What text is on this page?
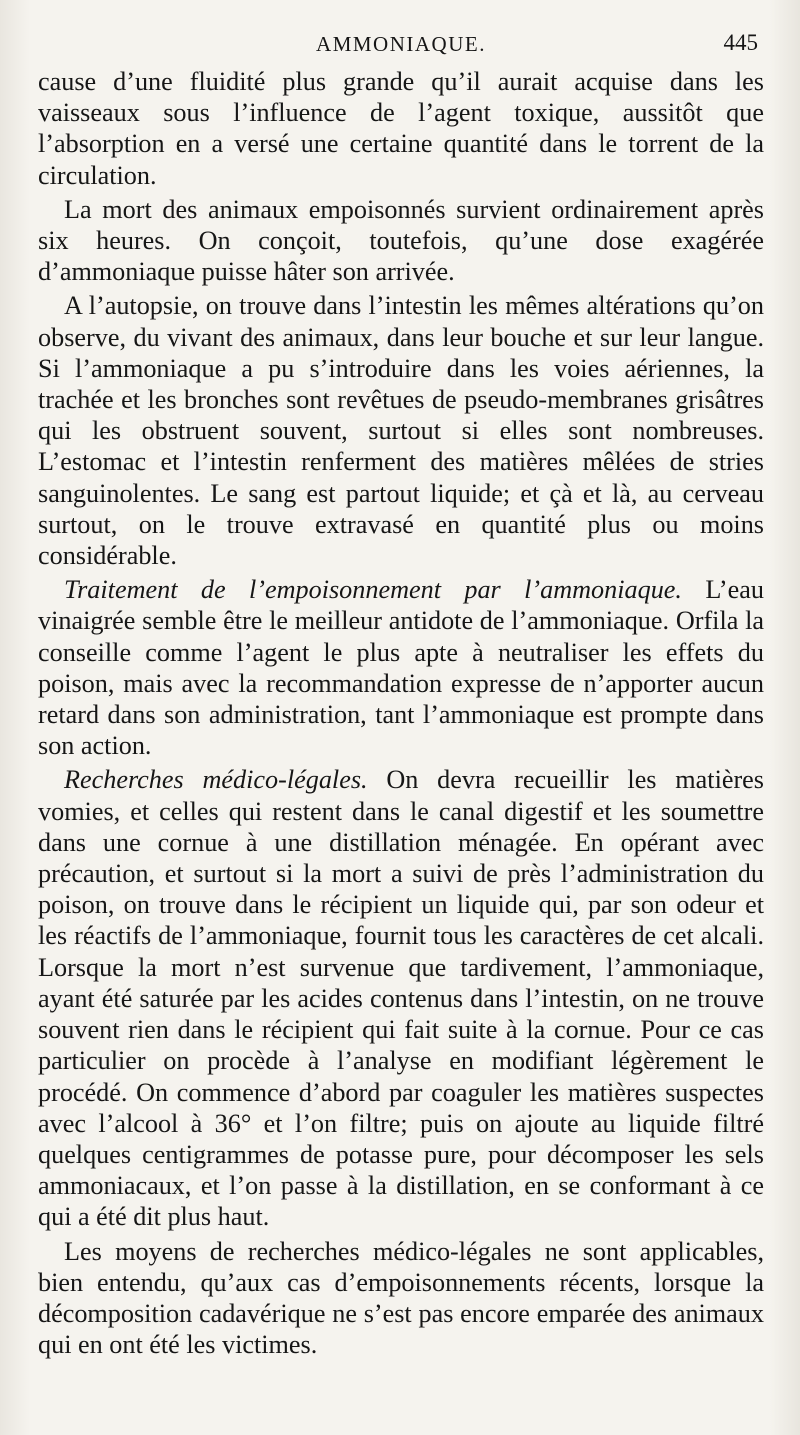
AMMONIAQUE.	445

cause d’une fluidité plus grande qu’il aurait acquise dans les vaisseaux sous l’influence de l’agent toxique, aussitôt que l’absorption en a versé une certaine quantité dans le torrent de la circulation.

La mort des animaux empoisonnés survient ordinairement après six heures. On conçoit, toutefois, qu’une dose exagérée d’ammoniaque puisse hâter son arrivée.

A l’autopsie, on trouve dans l’intestin les mêmes altérations qu’on observe, du vivant des animaux, dans leur bouche et sur leur langue. Si l’ammoniaque a pu s’introduire dans les voies aériennes, la trachée et les bronches sont revêtues de pseudo-membranes grisâtres qui les obstruent souvent, surtout si elles sont nombreuses. L’estomac et l’intestin renferment des matières mêlées de stries sanguinolentes. Le sang est partout liquide; et çà et là, au cerveau surtout, on le trouve extravasé en quantité plus ou moins considérable.

Traitement de l’empoisonnement par l’ammoniaque. L’eau vinaigrée semble être le meilleur antidote de l’ammoniaque. Orfila la conseille comme l’agent le plus apte à neutraliser les effets du poison, mais avec la recommandation expresse de n’apporter aucun retard dans son administration, tant l’ammoniaque est prompte dans son action.

Recherches médico-légales. On devra recueillir les matières vomies, et celles qui restent dans le canal digestif et les soumettre dans une cornue à une distillation ménagée. En opérant avec précaution, et surtout si la mort a suivi de près l’administration du poison, on trouve dans le récipient un liquide qui, par son odeur et les réactifs de l’ammoniaque, fournit tous les caractères de cet alcali. Lorsque la mort n’est survenue que tardivement, l’ammoniaque, ayant été saturée par les acides contenus dans l’intestin, on ne trouve souvent rien dans le récipient qui fait suite à la cornue. Pour ce cas particulier on procède à l’analyse en modifiant légèrement le procédé. On commence d’abord par coaguler les matières suspectes avec l’alcool à 36° et l’on filtre; puis on ajoute au liquide filtré quelques centigrammes de potasse pure, pour décomposer les sels ammoniacaux, et l’on passe à la distillation, en se conformant à ce qui a été dit plus haut.

Les moyens de recherches médico-légales ne sont applicables, bien entendu, qu’aux cas d’empoisonnements récents, lorsque la décomposition cadavérique ne s’est pas encore emparée des animaux qui en ont été les victimes.
